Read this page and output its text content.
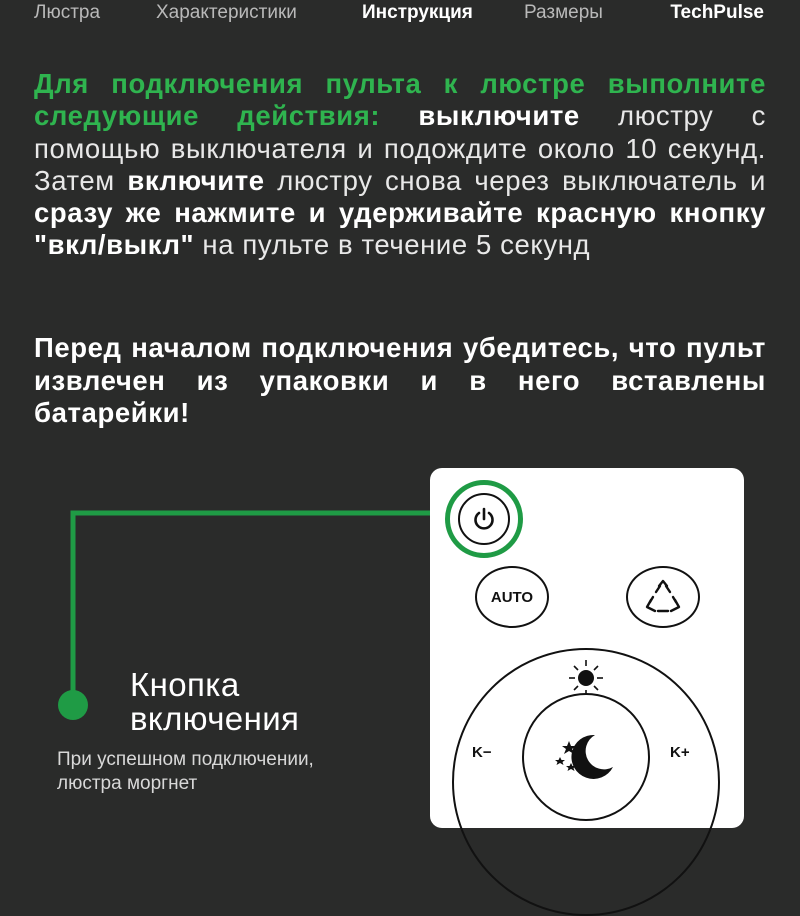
Люстра	Характеристики	Инструкция	Размеры	TechPulse
Для подключения пульта к люстре выполните следующие действия: выключите люстру с помощью выключателя и подождите около 10 секунд. Затем включите люстру снова через выключатель и сразу же нажмите и удерживайте красную кнопку "вкл/выкл" на пульте в течение 5 секунд
Перед началом подключения убедитесь, что пульт извлечен из упаковки и в него вставлены батарейки!
AUTO
K−	K+
Кнопка
включения
При успешном подключении,
люстра моргнет
